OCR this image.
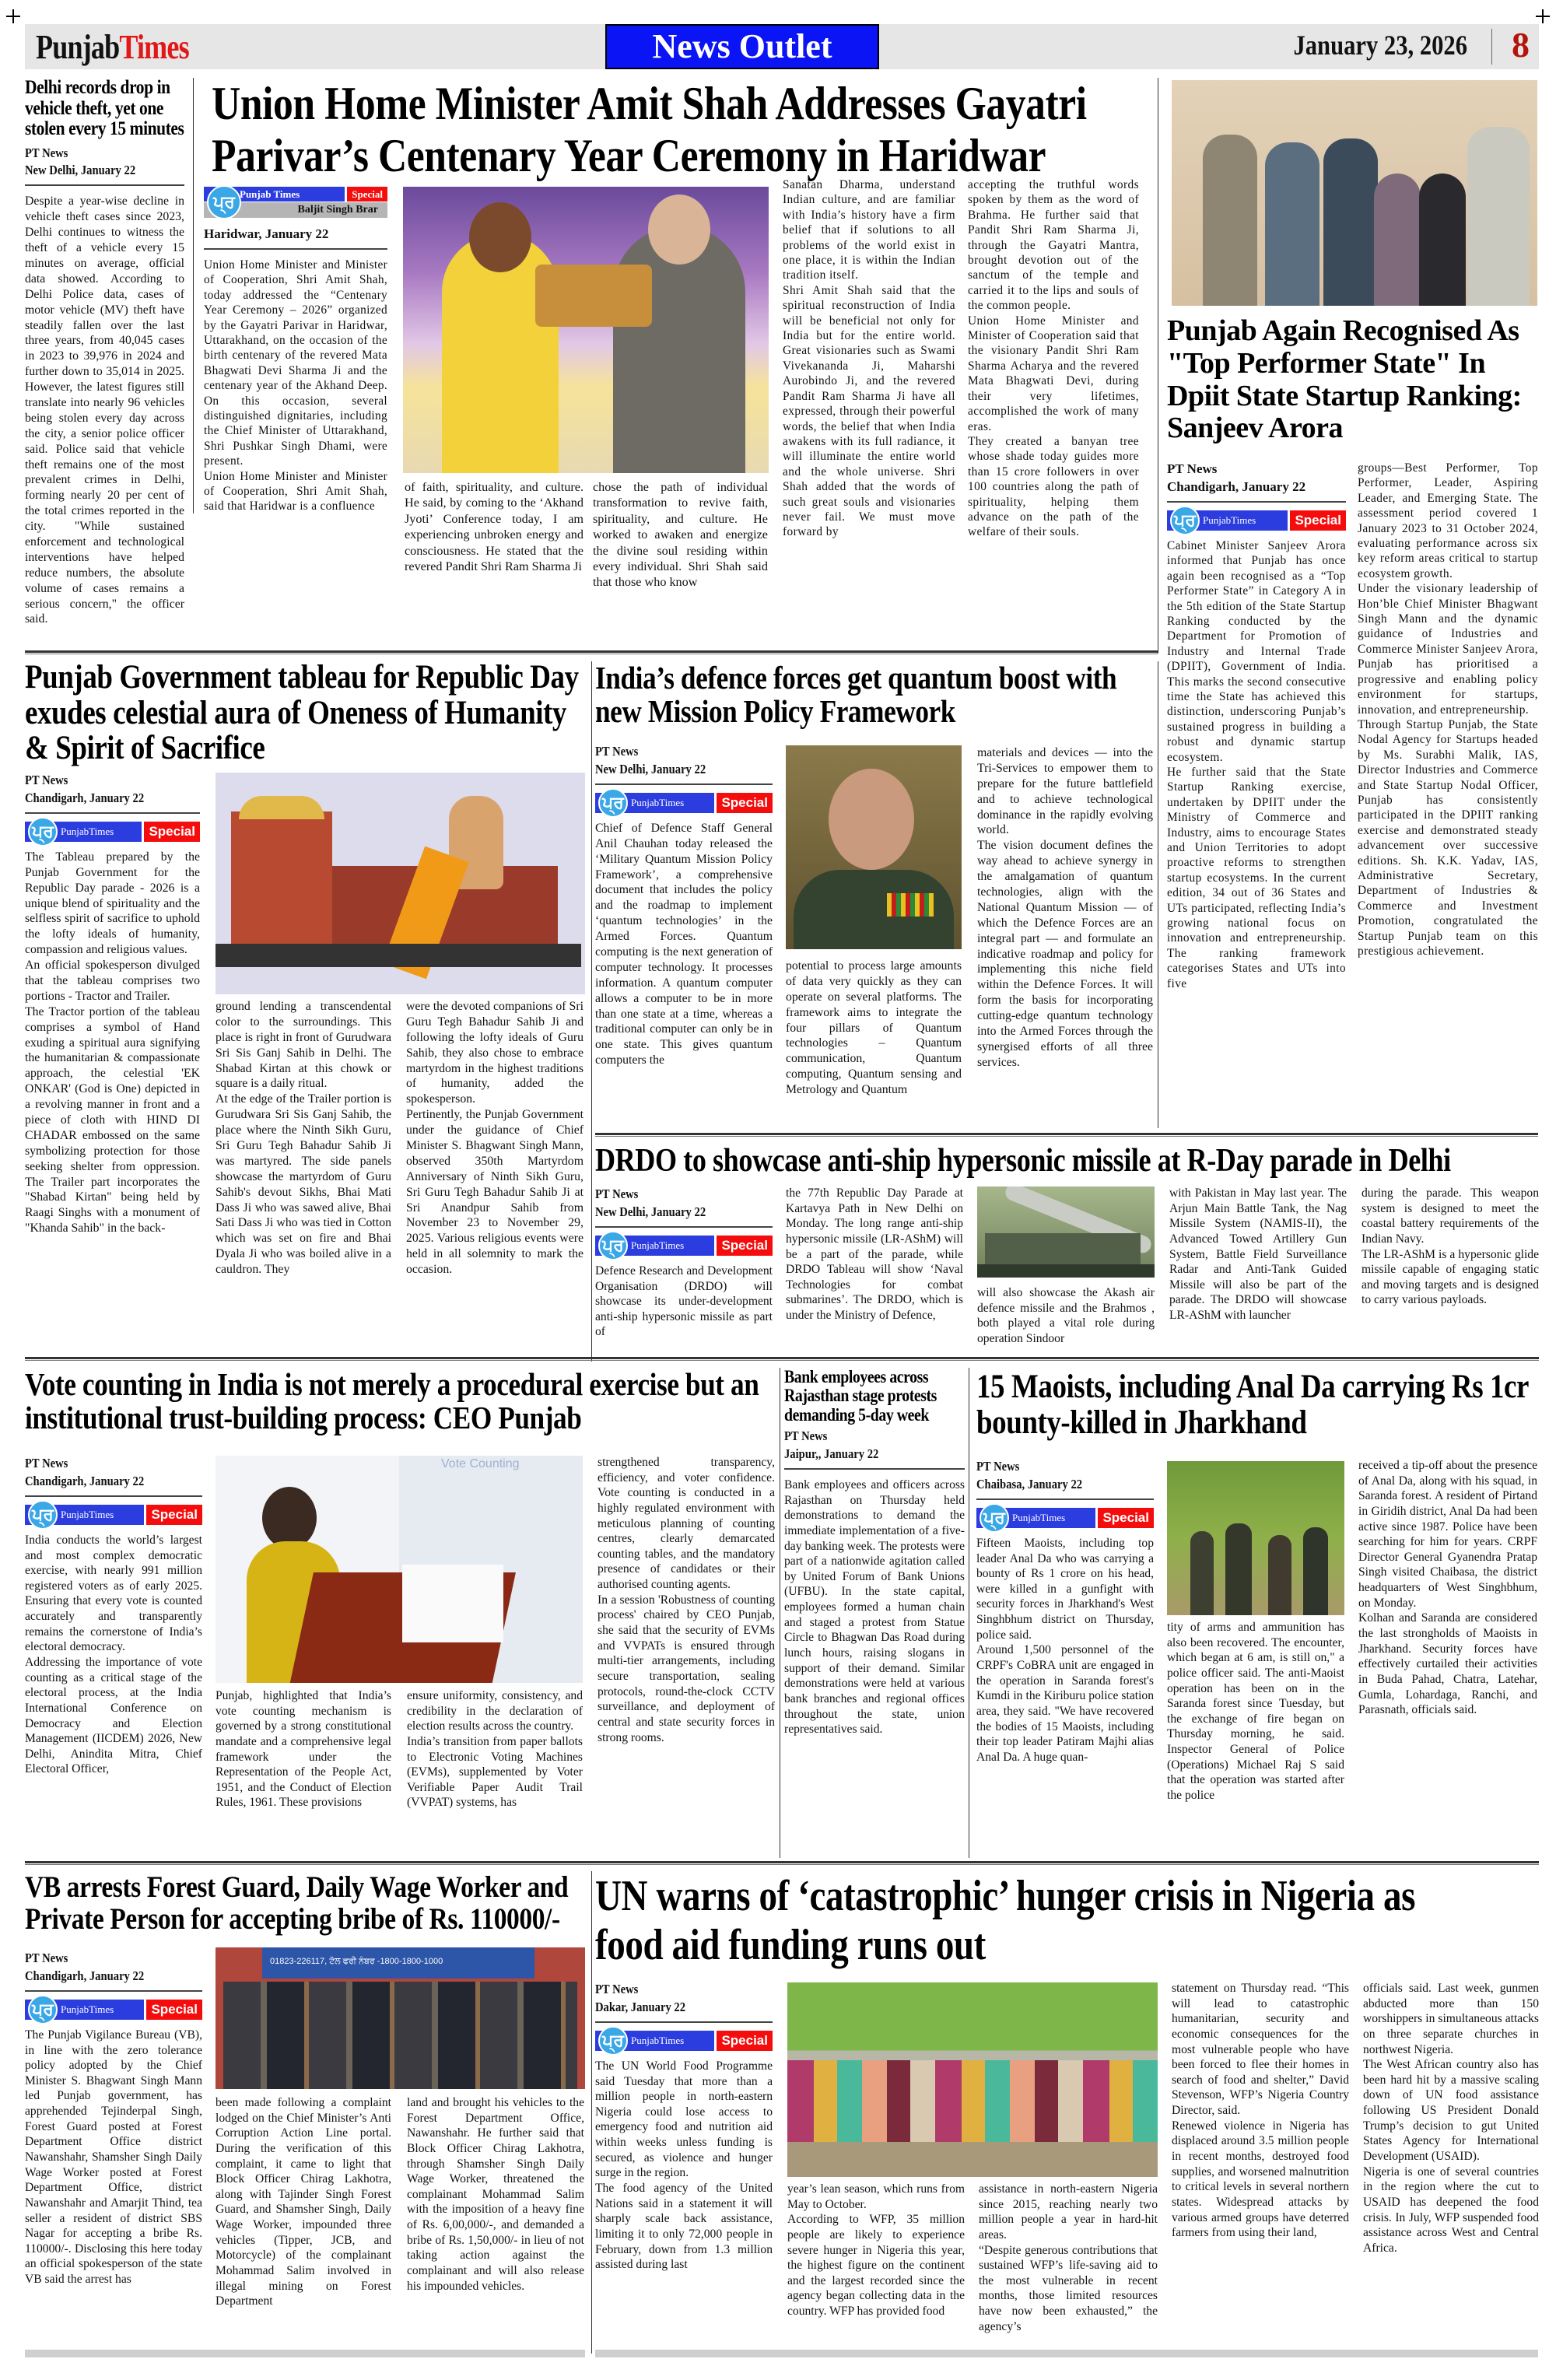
PunjabTimes	News Outlet	January 23, 2026 8
Delhi records drop in vehicle theft, yet one stolen every 15 minutes
PT News
New Delhi, January 22
Despite a year-wise decline in vehicle theft cases since 2023, Delhi continues to witness the theft of a vehicle every 15 minutes on average, official data showed. According to Delhi Police data, cases of motor vehicle (MV) theft have steadily fallen over the last three years, from 40,045 cases in 2023 to 39,976 in 2024 and further down to 35,014 in 2025. However, the latest figures still translate into nearly 96 vehicles being stolen every day across the city, a senior police officer said. Police said that vehicle theft remains one of the most prevalent crimes in Delhi, forming nearly 20 per cent of the total crimes reported in the city. "While sustained enforcement and technological interventions have helped reduce numbers, the absolute volume of cases remains a serious concern," the officer said.
Union Home Minister Amit Shah Addresses Gayatri Parivar’s Centenary Year Ceremony in Haridwar
ਪ੍ਰ Punjab Times	Special
Baljit Singh Brar
Haridwar, January 22

Union Home Minister and Minister of Cooperation, Shri Amit Shah, today addressed the “Centenary Year Ceremony – 2026” organized by the Gayatri Parivar in Haridwar, Uttarakhand, on the occasion of the birth centenary of the revered Mata Bhagwati Devi Sharma Ji and the centenary year of the Akhand Deep. On this occasion, several distinguished dignitaries, including the Chief Minister of Uttarakhand, Shri Pushkar Singh Dhami, were present.

Union Home Minister and Minister of Cooperation, Shri Amit Shah, said that Haridwar is a confluence

of faith, spirituality, and culture. He said, by coming to the ‘Akhand Jyoti’ Conference today, I am experiencing unbroken energy and consciousness. He stated that the revered Pandit Shri Ram Sharma Ji
chose the path of individual transformation to revive faith, spirituality, and culture. He worked to awaken and energize the divine soul residing within every individual. Shri Shah said that those who know

Sanatan Dharma, understand Indian culture, and are familiar with India’s history have a firm belief that if solutions to all problems of the world exist in one place, it is within the Indian tradition itself.

Shri Amit Shah said that the spiritual reconstruction of India will be beneficial not only for India but for the entire world. Great visionaries such as Swami Vivekananda Ji, Maharshi Aurobindo Ji, and the revered Pandit Ram Sharma Ji have all expressed, through their powerful words, the belief that when India awakens with its full radiance, it will illuminate the entire world and the whole universe. Shri Shah added that the words of such great souls and visionaries never fail. We must move forward by

accepting the truthful words spoken by them as the word of Brahma. He further said that Pandit Shri Ram Sharma Ji, through the Gayatri Mantra, brought devotion out of the sanctum of the temple and carried it to the lips and souls of the common people.

Union Home Minister and Minister of Cooperation said that the visionary Pandit Shri Ram Sharma Acharya and the revered Mata Bhagwati Devi, during their very lifetimes, accomplished the work of many eras.

They created a banyan tree whose shade today guides more than 15 crore followers in over 100 countries along the path of spirituality, helping them advance on the path of the welfare of their souls.

Punjab Again Recognised As "Top Performer State" In Dpiit State Startup Ranking: Sanjeev Arora
PT News
Chandigarh, January 22
ਪ੍ਰ PunjabTimes	Special

Cabinet Minister Sanjeev Arora informed that Punjab has once again been recognised as a “Top Performer State” in Category A in the 5th edition of the State Startup Ranking conducted by the Department for Promotion of Industry and Internal Trade (DPIIT), Government of India. This marks the second consecutive time the State has achieved this distinction, underscoring Punjab’s sustained progress in building a robust and dynamic startup ecosystem.

He further said that the State Startup Ranking exercise, undertaken by DPIIT under the Ministry of Commerce and Industry, aims to encourage States and Union Territories to adopt proactive reforms to strengthen startup ecosystems. In the current edition, 34 out of 36 States and UTs participated, reflecting India’s growing national focus on innovation and entrepreneurship. The ranking framework categorises States and UTs into five

groups—Best Performer, Top Performer, Leader, Aspiring Leader, and Emerging State. The assessment period covered 1 January 2023 to 31 October 2024, evaluating performance across six key reform areas critical to startup ecosystem growth.

Under the visionary leadership of Hon’ble Chief Minister Bhagwant Singh Mann and the dynamic guidance of Industries and Commerce Minister Sanjeev Arora, Punjab has prioritised a progressive and enabling policy environment for startups, innovation, and entrepreneurship.

Through Startup Punjab, the State Nodal Agency for Startups headed by Ms. Surabhi Malik, IAS, Director Industries and Commerce and State Startup Nodal Officer, Punjab has consistently participated in the DPIIT ranking exercise and demonstrated steady advancement over successive editions. Sh. K.K. Yadav, IAS, Administrative Secretary, Department of Industries & Commerce and Investment Promotion, congratulated the Startup Punjab team on this prestigious achievement.

Punjab Government tableau for Republic Day exudes celestial aura of Oneness of Humanity & Spirit of Sacrifice
PT News
Chandigarh, January 22
ਪ੍ਰ PunjabTimes	Special

The Tableau prepared by the Punjab Government for the Republic Day parade - 2026 is a unique blend of spirituality and the selfless spirit of sacrifice to uphold the lofty ideals of humanity, compassion and religious values.

An official spokesperson divulged that the tableau comprises two portions - Tractor and Trailer.

The Tractor portion of the tableau comprises a symbol of Hand exuding a spiritual aura signifying the humanitarian & compassionate approach, the celestial 'EK ONKAR' (God is One) depicted in a revolving manner in front and a piece of cloth with HIND DI CHADAR embossed on the same symbolizing protection for those seeking shelter from oppression. The Trailer part incorporates the "Shabad Kirtan" being held by Raagi Singhs with a monument of "Khanda Sahib" in the back-

ground lending a transcendental color to the surroundings. This place is right in front of Gurudwara Sri Sis Ganj Sahib in Delhi. The Shabad Kirtan at this chowk or square is a daily ritual.

At the edge of the Trailer portion is Gurudwara Sri Sis Ganj Sahib, the place where the Ninth Sikh Guru, Sri Guru Tegh Bahadur Sahib Ji was martyred. The side panels showcase the martyrdom of Guru Sahib's devout Sikhs, Bhai Mati Dass Ji who was sawed alive, Bhai Sati Dass Ji who was tied in Cotton which was set on fire and Bhai Dyala Ji who was boiled alive in a cauldron. They

were the devoted companions of Sri Guru Tegh Bahadur Sahib Ji and following the lofty ideals of Guru Sahib, they also chose to embrace martyrdom in the highest traditions of humanity, added the spokesperson.

Pertinently, the Punjab Government under the guidance of Chief Minister S. Bhagwant Singh Mann, observed 350th Martyrdom Anniversary of Ninth Sikh Guru, Sri Guru Tegh Bahadur Sahib Ji at Sri Anandpur Sahib from November 23 to November 29, 2025. Various religious events were held in all solemnity to mark the occasion.

India’s defence forces get quantum boost with new Mission Policy Framework
PT News
New Delhi, January 22
ਪ੍ਰ PunjabTimes	Special
Chief of Defence Staff General Anil Chauhan today released the ‘Military Quantum Mission Policy Framework’, a comprehensive document that includes the policy and the roadmap to implement ‘quantum technologies’ in the Armed Forces. Quantum computing is the next generation of computer technology. It processes information. A quantum computer allows a computer to be in more than one state at a time, whereas a traditional computer can only be in one state. This gives quantum computers the
potential to process large amounts of data very quickly as they can operate on several platforms. The framework aims to integrate the four pillars of Quantum technologies – Quantum communication, Quantum computing, Quantum sensing and Metrology and Quantum

materials and devices — into the Tri-Services to empower them to prepare for the future battlefield and to achieve technological dominance in the rapidly evolving world.

The vision document defines the way ahead to achieve synergy in the amalgamation of quantum technologies, align with the National Quantum Mission — of which the Defence Forces are an integral part — and formulate an indicative roadmap and policy for implementing this niche field within the Defence Forces. It will form the basis for incorporating cutting-edge quantum technology into the Armed Forces through the synergised efforts of all three services.

DRDO to showcase anti-ship hypersonic missile at R-Day parade in Delhi
PT News
New Delhi, January 22
ਪ੍ਰ PunjabTimes	Special
Defence Research and Development Organisation (DRDO) will showcase its under-development anti-ship hypersonic missile as part of
the 77th Republic Day Parade at Kartavya Path in New Delhi on Monday. The long range anti-ship hypersonic missile (LR-AShM) will be a part of the parade, while DRDO Tableau will show ‘Naval Technologies for combat submarines’. The DRDO, which is under the Ministry of Defence,
will also showcase the Akash air defence missile and the Brahmos , both played a vital role during operation Sindoor
with Pakistan in May last year. The Arjun Main Battle Tank, the Nag Missile System (NAMIS-II), the Advanced Towed Artillery Gun System, Battle Field Surveillance Radar and Anti-Tank Guided Missile will also be part of the parade. The DRDO will showcase LR-AShM with launcher

during the parade. This weapon system is designed to meet the coastal battery requirements of the Indian Navy.

The LR-AShM is a hypersonic glide missile capable of engaging static and moving targets and is designed to carry various payloads.

Vote counting in India is not merely a procedural exercise but an institutional trust-building process: CEO Punjab
PT News
Chandigarh, January 22
ਪ੍ਰ PunjabTimes	Special

India conducts the world’s largest and most complex democratic exercise, with nearly 991 million registered voters as of early 2025. Ensuring that every vote is counted accurately and transparently remains the cornerstone of India’s electoral democracy.

Addressing the importance of vote counting as a critical stage of the electoral process, at the India International Conference on Democracy and Election Management (IICDEM) 2026, New Delhi, Anindita Mitra, Chief Electoral Officer,

Vote Counting
Punjab, highlighted that India’s vote counting mechanism is governed by a strong constitutional mandate and a comprehensive legal framework under the Representation of the People Act, 1951, and the Conduct of Election Rules, 1961. These provisions

ensure uniformity, consistency, and credibility in the declaration of election results across the country.

India’s transition from paper ballots to Electronic Voting Machines (EVMs), supplemented by Voter Verifiable Paper Audit Trail (VVPAT) systems, has

strengthened transparency, efficiency, and voter confidence. Vote counting is conducted in a highly regulated environment with meticulous planning of counting centres, clearly demarcated counting tables, and the mandatory presence of candidates or their authorised counting agents.

In a session 'Robustness of counting process' chaired by CEO Punjab, she said that the security of EVMs and VVPATs is ensured through multi-tier arrangements, including secure transportation, sealing protocols, round-the-clock CCTV surveillance, and deployment of central and state security forces in strong rooms.

Bank employees across Rajasthan stage protests demanding 5-day week
PT News
Jaipur,, January 22
Bank employees and officers across Rajasthan on Thursday held demonstrations to demand the immediate implementation of a five-day banking week. The protests were part of a nationwide agitation called by United Forum of Bank Unions (UFBU). In the state capital, employees formed a human chain and staged a protest from Statue Circle to Bhagwan Das Road during lunch hours, raising slogans in support of their demand. Similar demonstrations were held at various bank branches and regional offices throughout the state, union representatives said.
15 Maoists, including Anal Da carrying Rs 1cr bounty-killed in Jharkhand
PT News
Chaibasa, January 22
ਪ੍ਰ PunjabTimes	Special

Fifteen Maoists, including top leader Anal Da who was carrying a bounty of Rs 1 crore on his head, were killed in a gunfight with security forces in Jharkhand's West Singhbhum district on Thursday, police said.

Around 1,500 personnel of the CRPF's CoBRA unit are engaged in the operation in Saranda forest's Kumdi in the Kiriburu police station area, they said. "We have recovered the bodies of 15 Maoists, including their top leader Patiram Majhi alias Anal Da. A huge quan-

tity of arms and ammunition has also been recovered. The encounter, which began at 6 am, is still on," a police officer said. The anti-Maoist operation has been on in the Saranda forest since Tuesday, but the exchange of fire began on Thursday morning, he said. Inspector General of Police (Operations) Michael Raj S said that the operation was started after the police

received a tip-off about the presence of Anal Da, along with his squad, in Saranda forest. A resident of Pirtand in Giridih district, Anal Da had been active since 1987. Police have been searching for him for years. CRPF Director General Gyanendra Pratap Singh visited Chaibasa, the district headquarters of West Singhbhum, on Monday.

Kolhan and Saranda are considered the last strongholds of Maoists in Jharkhand. Security forces have effectively curtailed their activities in Buda Pahad, Chatra, Latehar, Gumla, Lohardaga, Ranchi, and Parasnath, officials said.

VB arrests Forest Guard, Daily Wage Worker and Private Person for accepting bribe of Rs. 110000/-
PT News
Chandigarh, January 22
ਪ੍ਰ PunjabTimes	Special
The Punjab Vigilance Bureau (VB), in line with the zero tolerance policy adopted by the Chief Minister S. Bhagwant Singh Mann led Punjab government, has apprehended Tejinderpal Singh, Forest Guard posted at Forest Department Office district Nawanshahr, Shamsher Singh Daily Wage Worker posted at Forest Department Office, district Nawanshahr and Amarjit Thind, tea seller a resident of district SBS Nagar for accepting a bribe Rs. 110000/-. Disclosing this here today an official spokesperson of the state VB said the arrest has
01823-226117, ਟੋਲ ਫਰੀ ਨੰਬਰ -1800-1800-1000
been made following a complaint lodged on the Chief Minister’s Anti Corruption Action Line portal. During the verification of this complaint, it came to light that Block Officer Chirag Lakhotra, along with Tajinder Singh Forest Guard, and Shamsher Singh, Daily Wage Worker, impounded three vehicles (Tipper, JCB, and Motorcycle) of the complainant Mohammad Salim involved in illegal mining on Forest Department
land and brought his vehicles to the Forest Department Office, Nawanshahr. He further said that Block Officer Chirag Lakhotra, through Shamsher Singh Daily Wage Worker, threatened the complainant Mohammad Salim with the imposition of a heavy fine of Rs. 6,00,000/-, and demanded a bribe of Rs. 1,50,000/- in lieu of not taking action against the complainant and will also release his impounded vehicles.
UN warns of ‘catastrophic’ hunger crisis in Nigeria as food aid funding runs out
PT News
Dakar, January 22
ਪ੍ਰ PunjabTimes	Special

The UN World Food Programme said Tuesday that more than a million people in north-eastern Nigeria could lose access to emergency food and nutrition aid within weeks unless funding is secured, as violence and hunger surge in the region.

The food agency of the United Nations said in a statement it will sharply scale back assistance, limiting it to only 72,000 people in February, down from 1.3 million assisted during last

year’s lean season, which runs from May to October.

According to WFP, 35 million people are likely to experience severe hunger in Nigeria this year, the highest figure on the continent and the largest recorded since the agency began collecting data in the country. WFP has provided food

assistance in north-eastern Nigeria since 2015, reaching nearly two million people a year in hard-hit areas.

“Despite generous contributions that sustained WFP’s life-saving aid to the most vulnerable in recent months, those limited resources have now been exhausted,” the agency’s

statement on Thursday read. “This will lead to catastrophic humanitarian, security and economic consequences for the most vulnerable people who have been forced to flee their homes in search of food and shelter,” David Stevenson, WFP’s Nigeria Country Director, said.

Renewed violence in Nigeria has displaced around 3.5 million people in recent months, destroyed food supplies, and worsened malnutrition to critical levels in several northern states. Widespread attacks by various armed groups have deterred farmers from using their land,

officials said. Last week, gunmen abducted more than 150 worshippers in simultaneous attacks on three separate churches in northwest Nigeria.

The West African country also has been hard hit by a massive scaling down of UN food assistance following US President Donald Trump’s decision to gut United States Agency for International Development (USAID).

Nigeria is one of several countries in the region where the cut to USAID has deepened the food crisis. In July, WFP suspended food assistance across West and Central Africa.
